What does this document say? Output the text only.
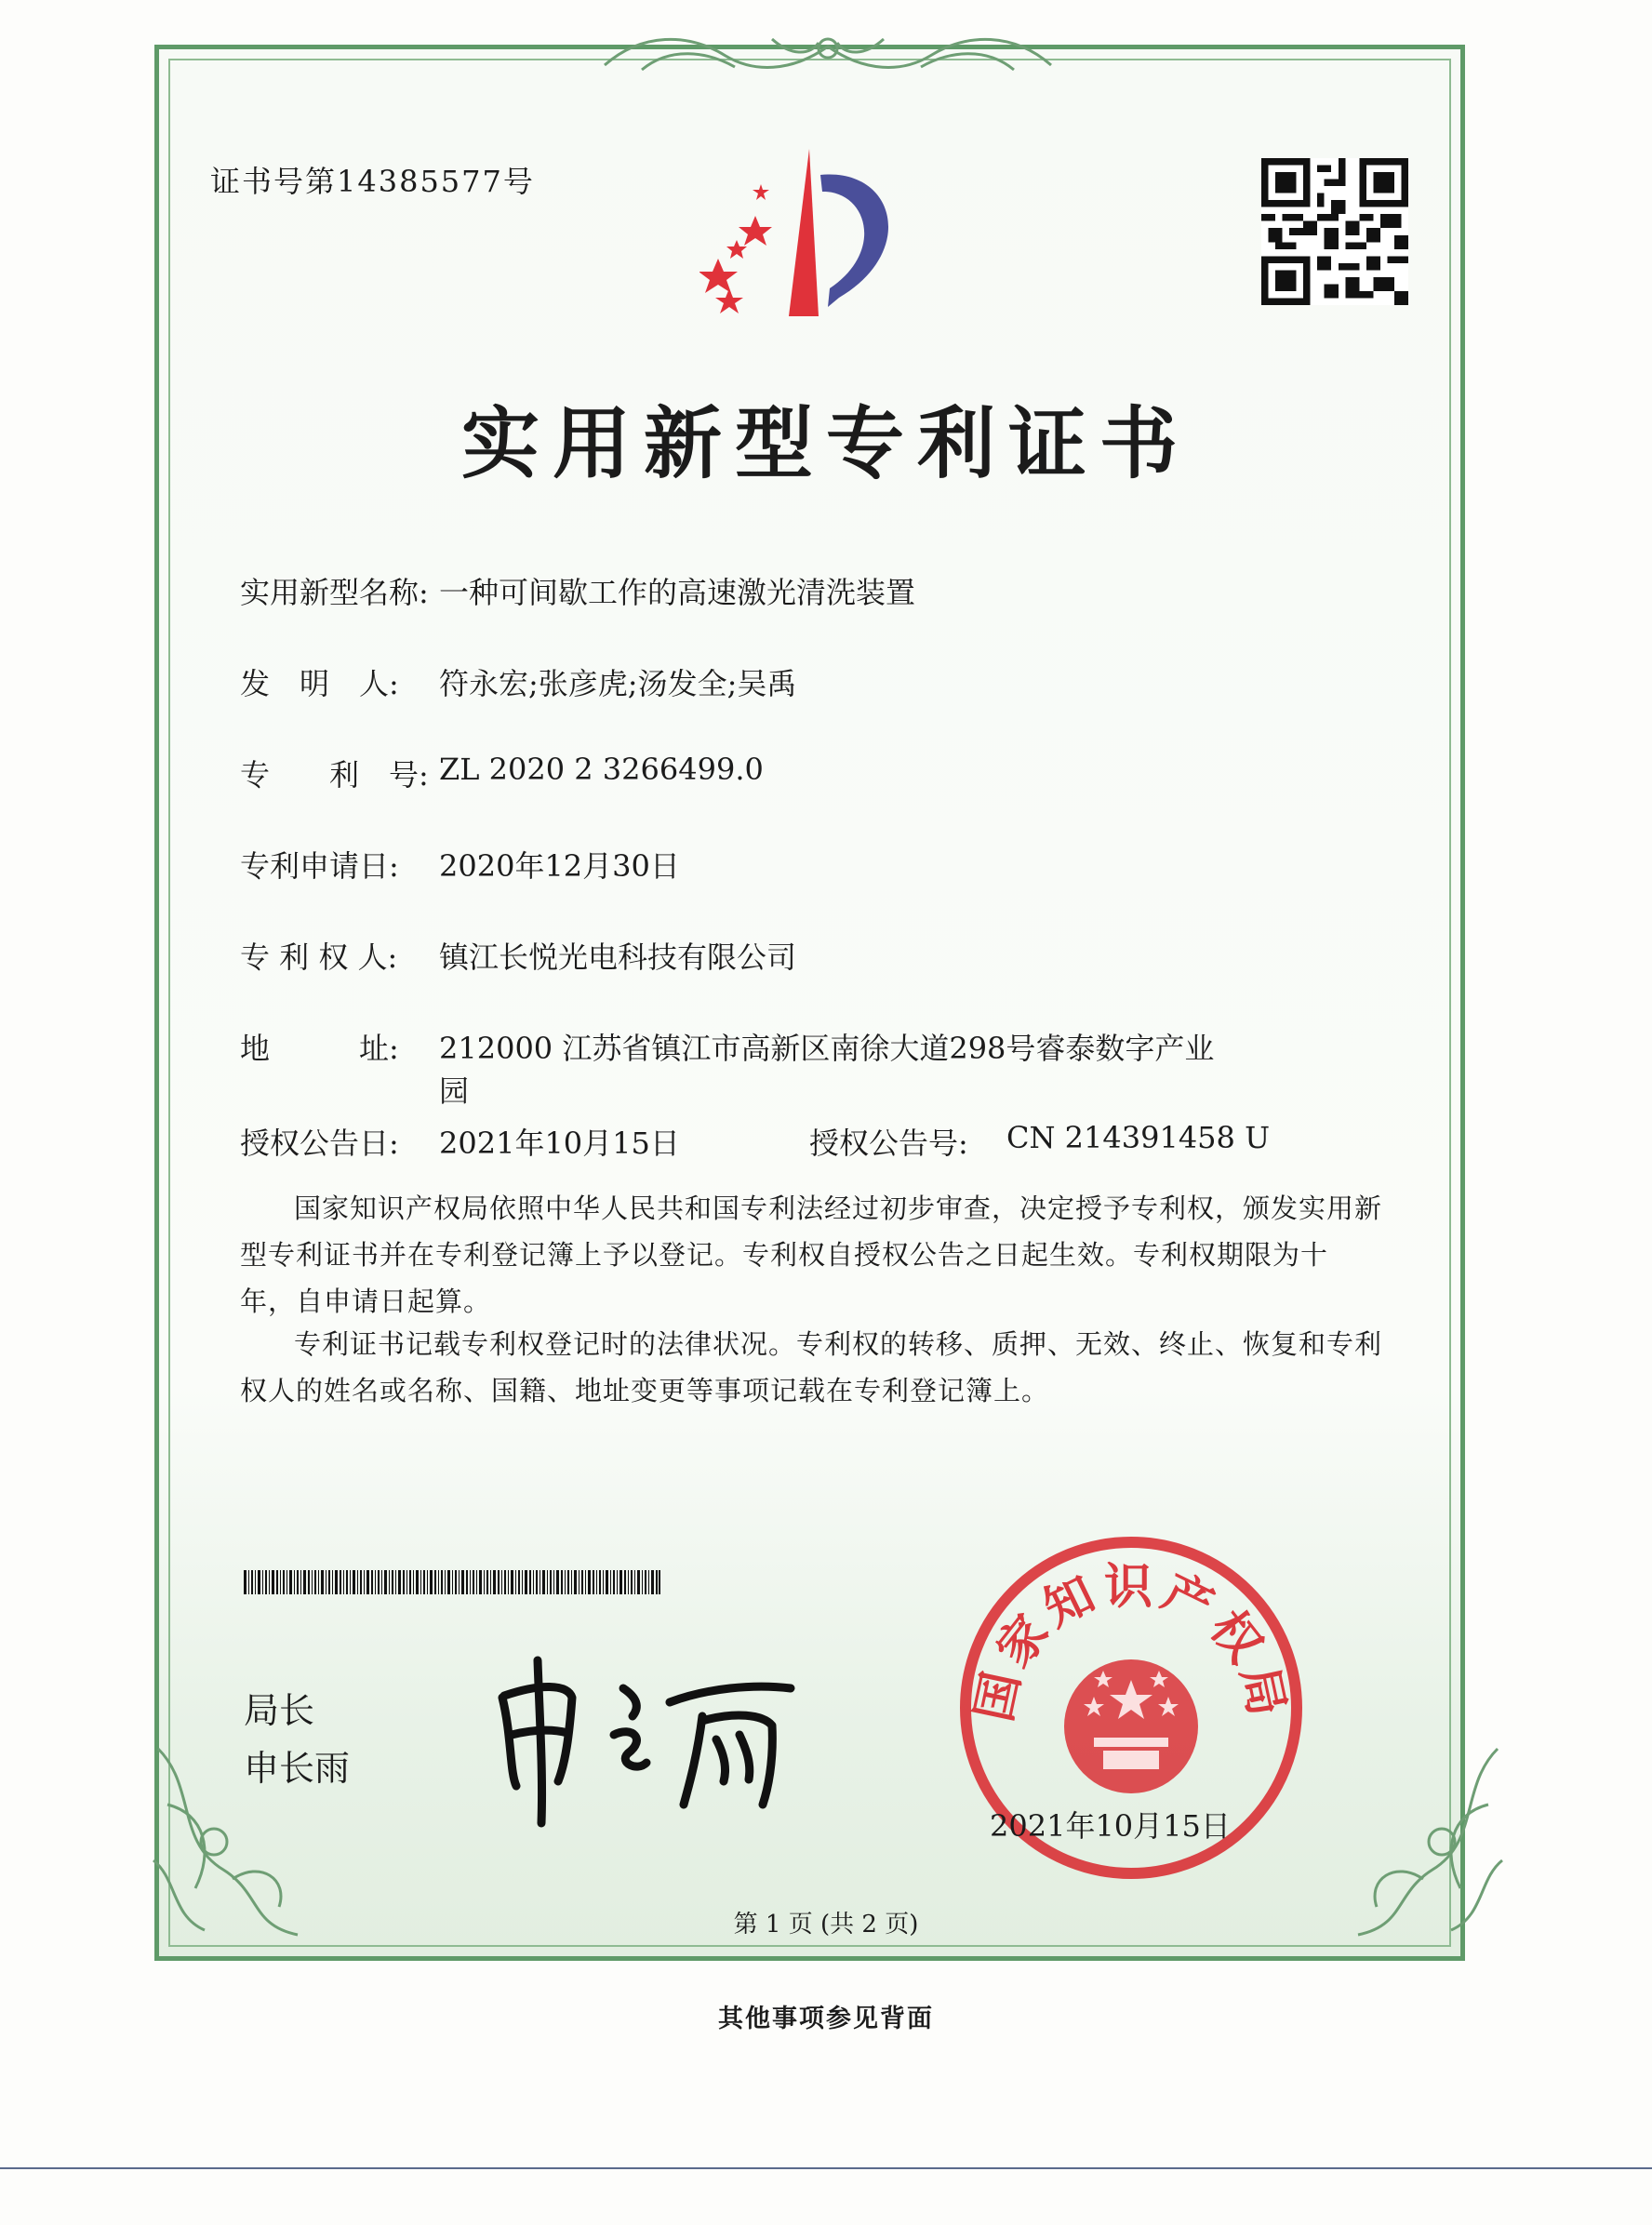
证书号第14385577号
实用新型专利证书
实用新型名称: 一种可间歇工作的高速激光清洗装置
发　明　人: 符永宏;张彦虎;汤发全;吴禹
专　　利　号: ZL 2020 2 3266499.0
专利申请日: 2020年12月30日
专 利 权 人: 镇江长悦光电科技有限公司
地　　　址: 212000 江苏省镇江市高新区南徐大道298号睿泰数字产业
园
授权公告日: 2021年10月15日	授权公告号: CN 214391458 U
国家知识产权局依照中华人民共和国专利法经过初步审查，决定授予专利权，颁发实用新型专利证书并在专利登记簿上予以登记。专利权自授权公告之日起生效。专利权期限为十年，自申请日起算。
专利证书记载专利权登记时的法律状况。专利权的转移、质押、无效、终止、恢复和专利权人的姓名或名称、国籍、地址变更等事项记载在专利登记簿上。
局长
申长雨
国家知识产权局
2021年10月15日
第 1 页 (共 2 页)
其他事项参见背面
